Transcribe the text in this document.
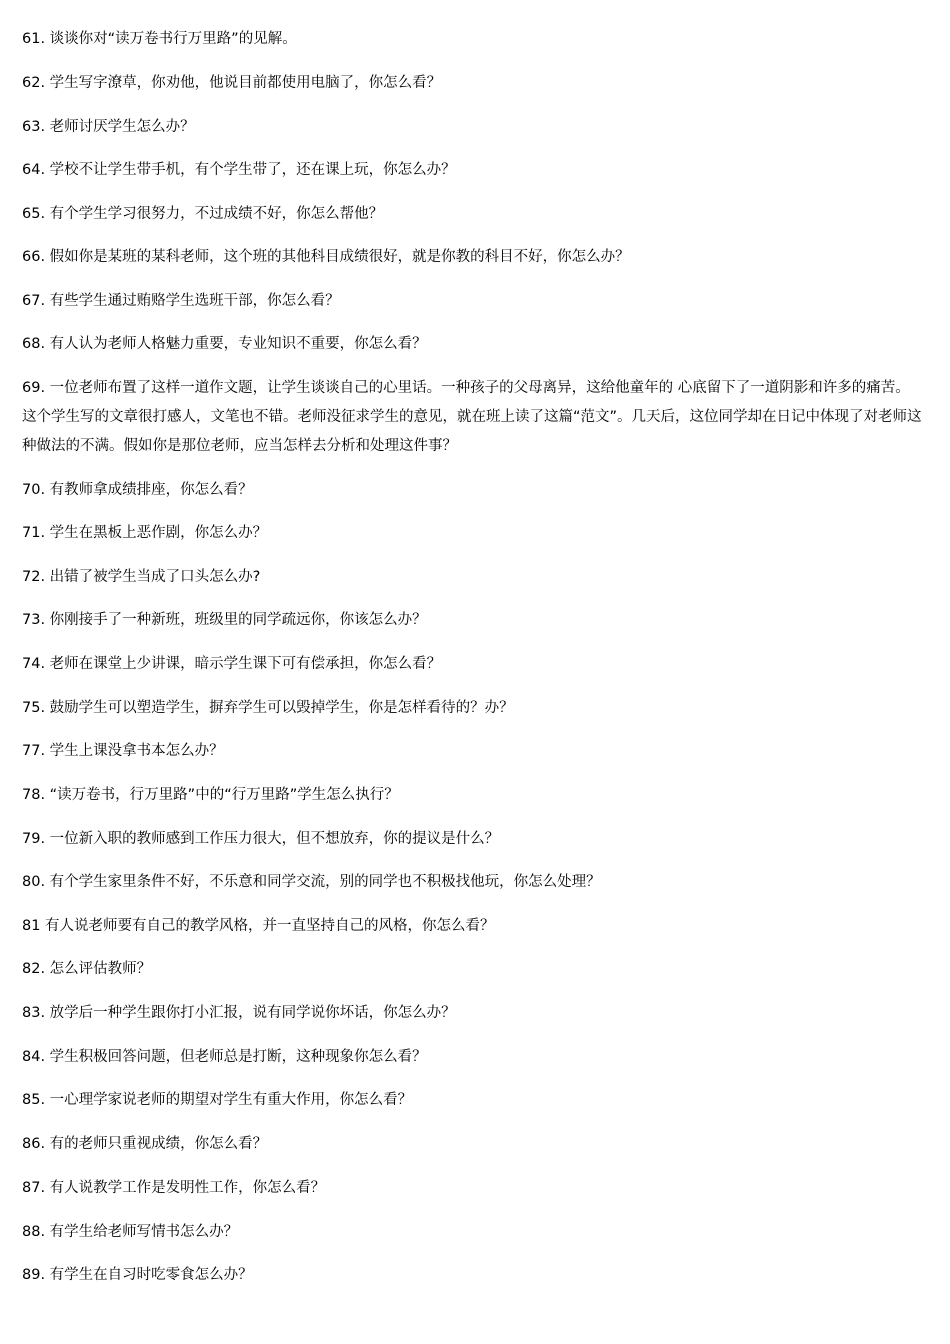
61. 谈谈你对“读万卷书行万里路”的见解。
62. 学生写字潦草，你劝他，他说目前都使用电脑了，你怎么看？
63. 老师讨厌学生怎么办？
64. 学校不让学生带手机，有个学生带了，还在课上玩，你怎么办？
65. 有个学生学习很努力，不过成绩不好，你怎么帮他？
66. 假如你是某班的某科老师，这个班的其他科目成绩很好，就是你教的科目不好，你怎么办？
67. 有些学生通过贿赂学生选班干部，你怎么看？
68. 有人认为老师人格魅力重要，专业知识不重要，你怎么看？
69. 一位老师布置了这样一道作文题，让学生谈谈自己的心里话。一种孩子的父母离异，这给他童年的 心底留下了一道阴影和许多的痛苦。这个学生写的文章很打感人，文笔也不错。老师没征求学生的意见，就在班上读了这篇“范文”。几天后，这位同学却在日记中体现了对老师这种做法的不满。假如你是那位老师，应当怎样去分析和处理这件事？
70. 有教师拿成绩排座，你怎么看？
71. 学生在黑板上恶作剧，你怎么办？
72. 出错了被学生当成了口头怎么办?
73. 你刚接手了一种新班，班级里的同学疏远你，你该怎么办？
74. 老师在课堂上少讲课，暗示学生课下可有偿承担，你怎么看？
75. 鼓励学生可以塑造学生，摒弃学生可以毁掉学生，你是怎样看待的？办？
77. 学生上课没拿书本怎么办？
78. “读万卷书，行万里路”中的“行万里路”学生怎么执行？
79. 一位新入职的教师感到工作压力很大，但不想放弃，你的提议是什么？
80. 有个学生家里条件不好，不乐意和同学交流，别的同学也不积极找他玩，你怎么处理？
81 有人说老师要有自己的教学风格，并一直坚持自己的风格，你怎么看？
82. 怎么评估教师？
83. 放学后一种学生跟你打小汇报，说有同学说你坏话，你怎么办？
84. 学生积极回答问题，但老师总是打断，这种现象你怎么看？
85. 一心理学家说老师的期望对学生有重大作用，你怎么看？
86. 有的老师只重视成绩，你怎么看？
87. 有人说教学工作是发明性工作，你怎么看？
88. 有学生给老师写情书怎么办？
89. 有学生在自习时吃零食怎么办？
